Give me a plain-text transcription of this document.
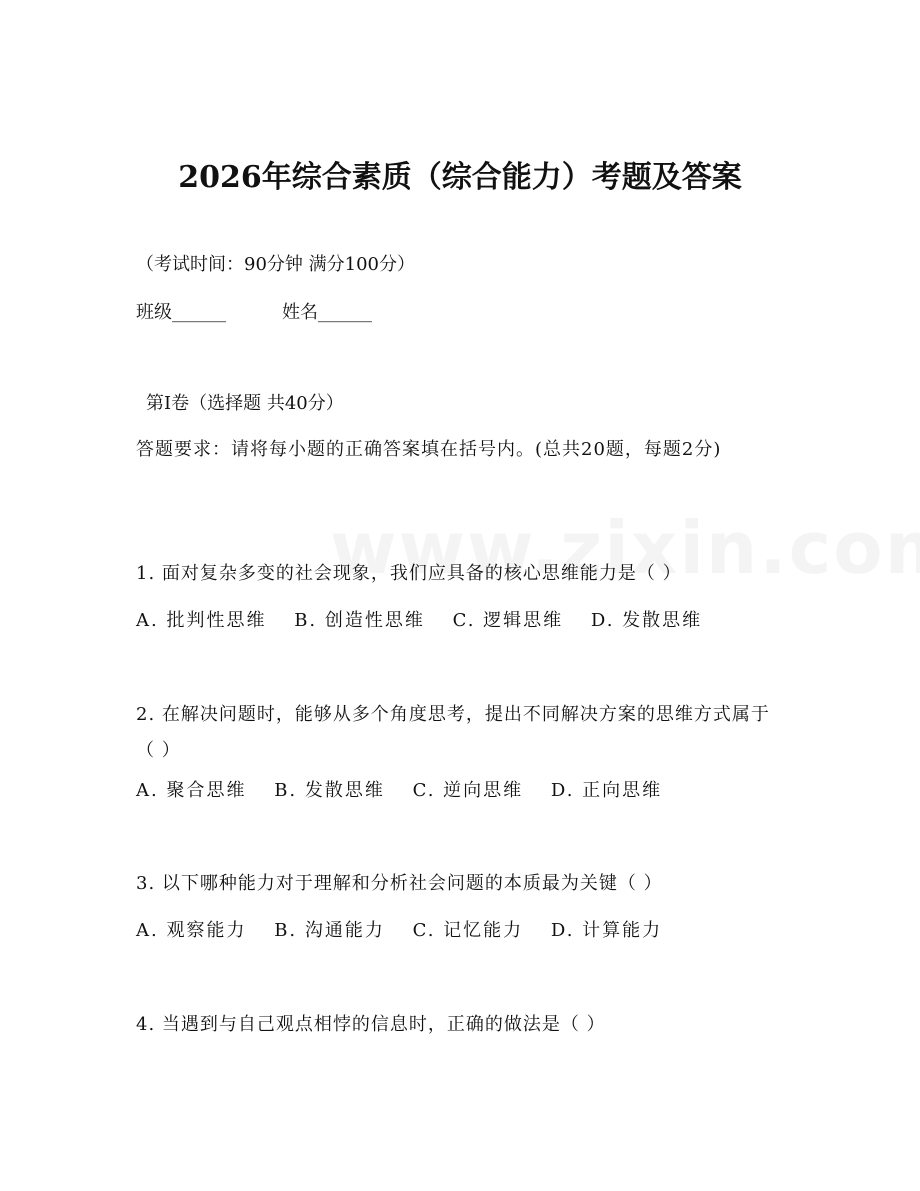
2026年综合素质（综合能力）考题及答案
（考试时间：90分钟 满分100分）
班级______	姓名______
第I卷（选择题 共40分）
答题要求：请将每小题的正确答案填在括号内。(总共20题，每题2分)
1. 面对复杂多变的社会现象，我们应具备的核心思维能力是（ ）
A. 批判性思维 B. 创造性思维 C. 逻辑思维 D. 发散思维
2. 在解决问题时，能够从多个角度思考，提出不同解决方案的思维方式属于（ ）
A. 聚合思维 B. 发散思维 C. 逆向思维 D. 正向思维
3. 以下哪种能力对于理解和分析社会问题的本质最为关键（ ）
A. 观察能力 B. 沟通能力 C. 记忆能力 D. 计算能力
4. 当遇到与自己观点相悖的信息时，正确的做法是（ ）
